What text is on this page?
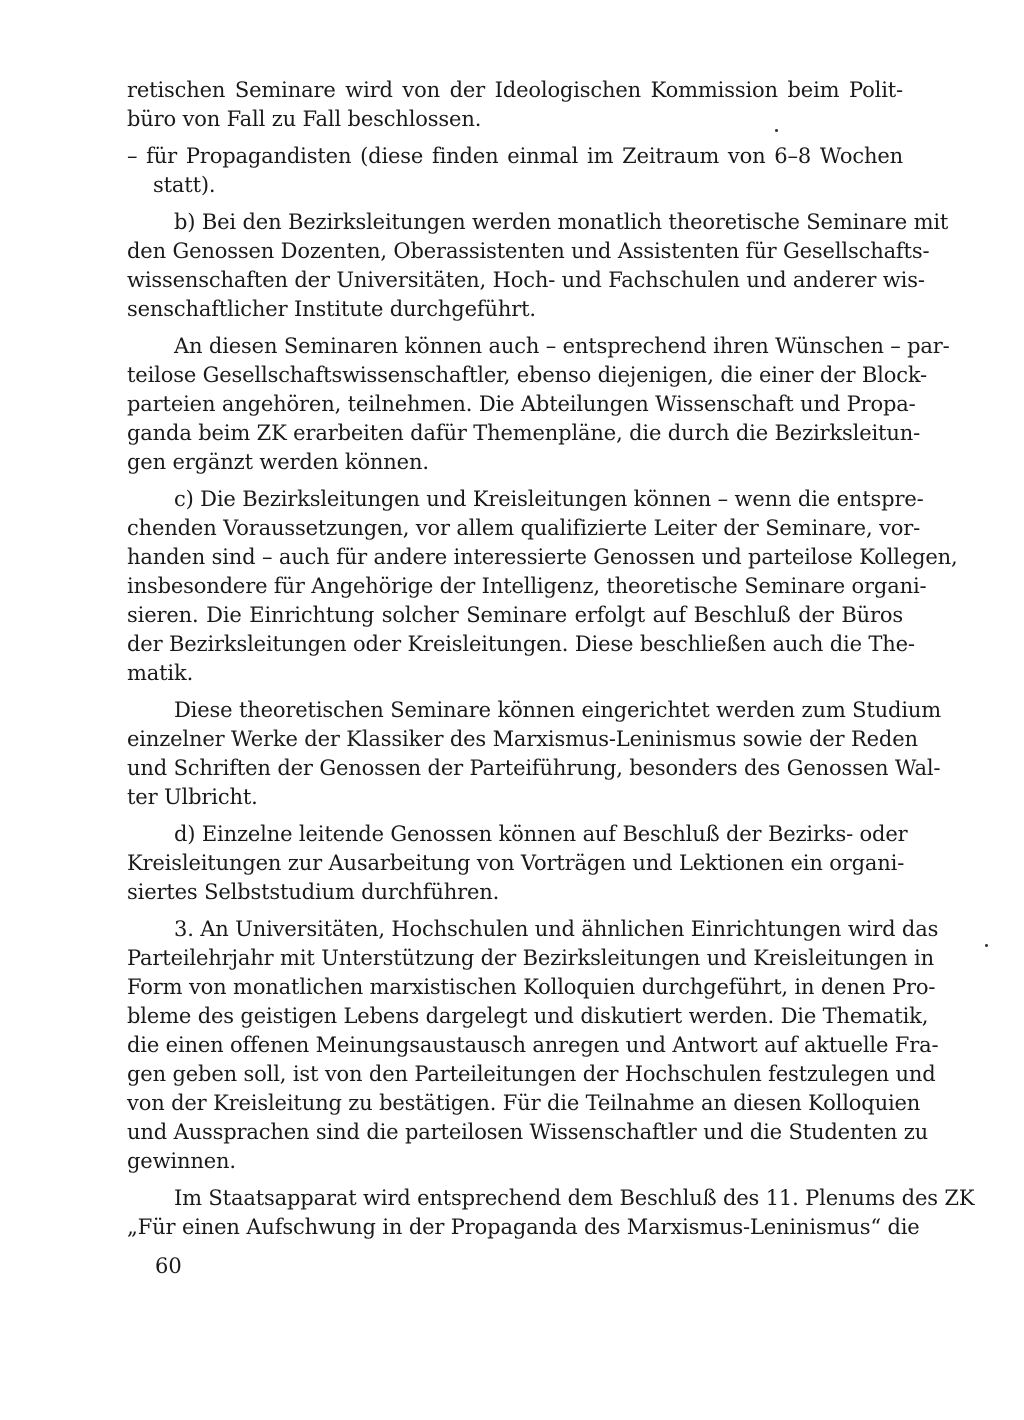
retischen Seminare wird von der Ideologischen Kommission beim Polit-
büro von Fall zu Fall beschlossen.
– für Propagandisten (diese finden einmal im Zeitraum von 6–8 Wochen
statt).
b) Bei den Bezirksleitungen werden monatlich theoretische Seminare mit
den Genossen Dozenten, Oberassistenten und Assistenten für Gesellschafts-
wissenschaften der Universitäten, Hoch- und Fachschulen und anderer wis-
senschaftlicher Institute durchgeführt.
An diesen Seminaren können auch – entsprechend ihren Wünschen – par-
teilose Gesellschaftswissenschaftler, ebenso diejenigen, die einer der Block-
parteien angehören, teilnehmen. Die Abteilungen Wissenschaft und Propa-
ganda beim ZK erarbeiten dafür Themenpläne, die durch die Bezirksleitun-
gen ergänzt werden können.
c) Die Bezirksleitungen und Kreisleitungen können – wenn die entspre-
chenden Voraussetzungen, vor allem qualifizierte Leiter der Seminare, vor-
handen sind – auch für andere interessierte Genossen und parteilose Kollegen,
insbesondere für Angehörige der Intelligenz, theoretische Seminare organi-
sieren. Die Einrichtung solcher Seminare erfolgt auf Beschluß der Büros
der Bezirksleitungen oder Kreisleitungen. Diese beschließen auch die The-
matik.
Diese theoretischen Seminare können eingerichtet werden zum Studium
einzelner Werke der Klassiker des Marxismus-Leninismus sowie der Reden
und Schriften der Genossen der Parteiführung, besonders des Genossen Wal-
ter Ulbricht.
d) Einzelne leitende Genossen können auf Beschluß der Bezirks- oder
Kreisleitungen zur Ausarbeitung von Vorträgen und Lektionen ein organi-
siertes Selbststudium durchführen.
3. An Universitäten, Hochschulen und ähnlichen Einrichtungen wird das
Parteilehrjahr mit Unterstützung der Bezirksleitungen und Kreisleitungen in
Form von monatlichen marxistischen Kolloquien durchgeführt, in denen Pro-
bleme des geistigen Lebens dargelegt und diskutiert werden. Die Thematik,
die einen offenen Meinungsaustausch anregen und Antwort auf aktuelle Fra-
gen geben soll, ist von den Parteileitungen der Hochschulen festzulegen und
von der Kreisleitung zu bestätigen. Für die Teilnahme an diesen Kolloquien
und Aussprachen sind die parteilosen Wissenschaftler und die Studenten zu
gewinnen.
Im Staatsapparat wird entsprechend dem Beschluß des 11. Plenums des ZK
„Für einen Aufschwung in der Propaganda des Marxismus-Leninismus“ die
60
